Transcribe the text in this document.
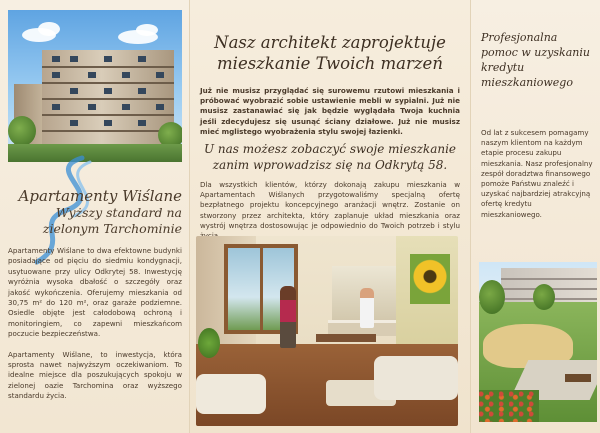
Apartamenty Wiślane
Wyższy standard na zielonym Tarchominie

Apartamenty Wiślane to dwa efektowne budynki posiadające od pięciu do siedmiu kondygnacji, usytuowane przy ulicy Odkrytej 58. Inwestycję wyróżnia wysoka dbałość o szczegóły oraz jakość wykończenia. Oferujemy mieszkania od 30,75 m² do 120 m², oraz garaże podziemne. Osiedle objęte jest całodobową ochroną i monitoringiem, co zapewni mieszkańcom poczucie bezpieczeństwa.

Apartamenty Wiślane, to inwestycja, która sprosta nawet najwyższym oczekiwaniom. To idealne miejsce dla poszukujących spokoju w zielonej oazie Tarchomina oraz wyższego standardu życia.

Nasz architekt zaprojektuje mieszkanie Twoich marzeń
Już nie musisz przyglądać się surowemu rzutowi mieszkania i próbować wyobrazić sobie ustawienie mebli w sypialni. Już nie musisz zastanawiać się jak będzie wyglądała Twoja kuchnia jeśli zdecydujesz się usunąć ściany działowe. Już nie musisz mieć mglistego wyobrażenia stylu swojej łazienki.
U nas możesz zobaczyć swoje mieszkanie zanim wprowadzisz się na Odkrytą 58.
Dla wszystkich klientów, którzy dokonają zakupu mieszkania w Apartamentach Wiślanych przygotowaliśmy specjalną ofertę bezpłatnego projektu koncepcyjnego aranżacji wnętrz. Zostanie on stworzony przez architekta, który zaplanuje układ mieszkania oraz wystrój wnętrza dostosowując je odpowiednio do Twoich potrzeb i stylu
Profesjonalna pomoc w uzyskaniu kredytu mieszkaniowego
Od lat z sukcesem pomagamy naszym klientom na każdym etapie procesu zakupu mieszkania. Nasz profesjonalny zespół doradztwa finansowego pomoże Państwu znaleźć i uzyskać najbardziej atrakcyjną ofertę kredytu mieszkaniowego.
